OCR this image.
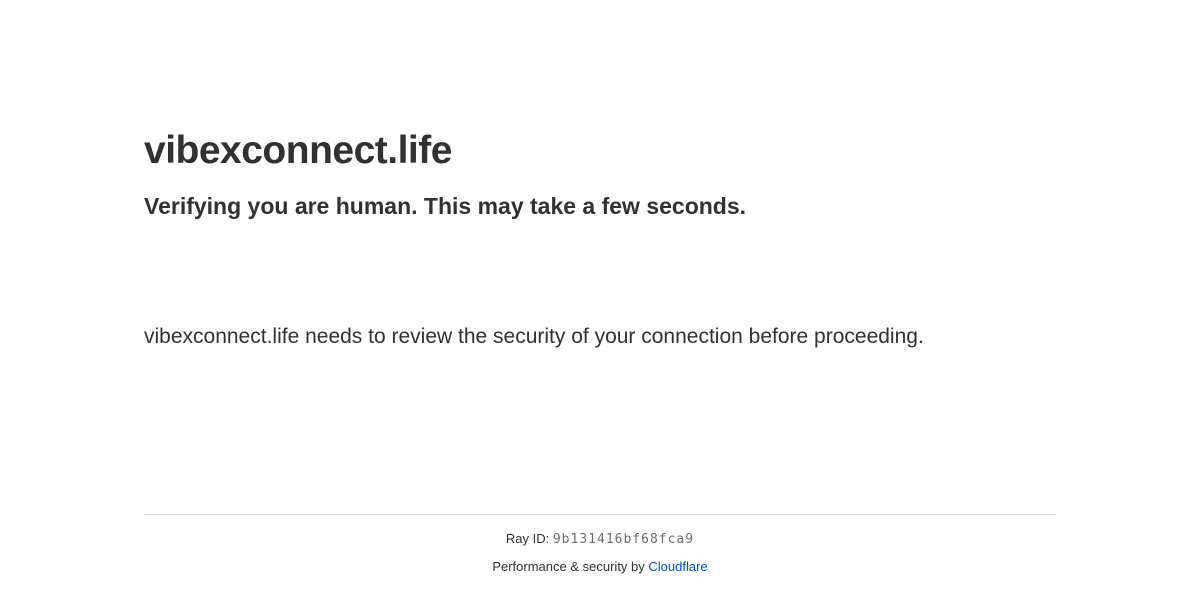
vibexconnect.life
Verifying you are human. This may take a few seconds.

vibexconnect.life needs to review the security of your connection before proceeding.

Ray ID: 9b131416bf68fca9
Performance & security by Cloudflare
